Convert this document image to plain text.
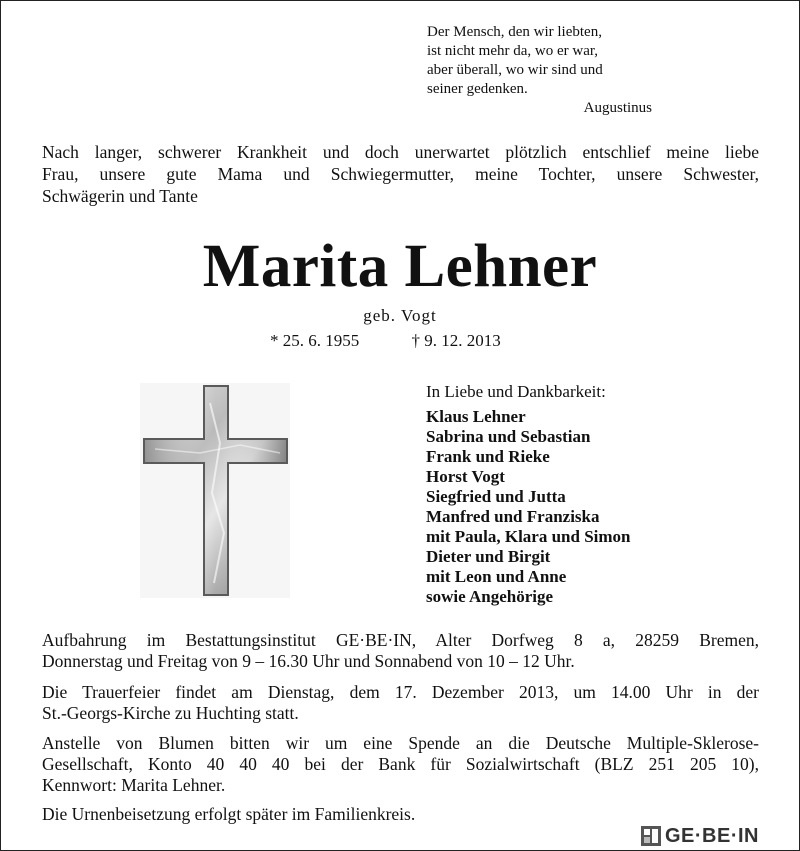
Der Mensch, den wir liebten,
ist nicht mehr da, wo er war,
aber überall, wo wir sind und
seiner gedenken.
Augustinus
Nach langer, schwerer Krankheit und doch unerwartet plötzlich entschlief meine liebe
Frau, unsere gute Mama und Schwiegermutter, meine Tochter, unsere Schwester,
Schwägerin und Tante
Marita Lehner
geb. Vogt
* 25. 6. 1955	† 9. 12. 2013
In Liebe und Dankbarkeit:
Klaus Lehner
Sabrina und Sebastian
Frank und Rieke
Horst Vogt
Siegfried und Jutta
Manfred und Franziska
mit Paula, Klara und Simon
Dieter und Birgit
mit Leon und Anne
sowie Angehörige
Aufbahrung im Bestattungsinstitut GE·BE·IN, Alter Dorfweg 8 a, 28259 Bremen,
Donnerstag und Freitag von 9 – 16.30 Uhr und Sonnabend von 10 – 12 Uhr.
Die Trauerfeier findet am Dienstag, dem 17. Dezember 2013, um 14.00 Uhr in der
St.-Georgs-Kirche zu Huchting statt.
Anstelle von Blumen bitten wir um eine Spende an die Deutsche Multiple-Sklerose-
Gesellschaft, Konto 40 40 40 bei der Bank für Sozialwirtschaft (BLZ 251 205 10),
Kennwort: Marita Lehner.
Die Urnenbeisetzung erfolgt später im Familienkreis.
GE·BE·IN
